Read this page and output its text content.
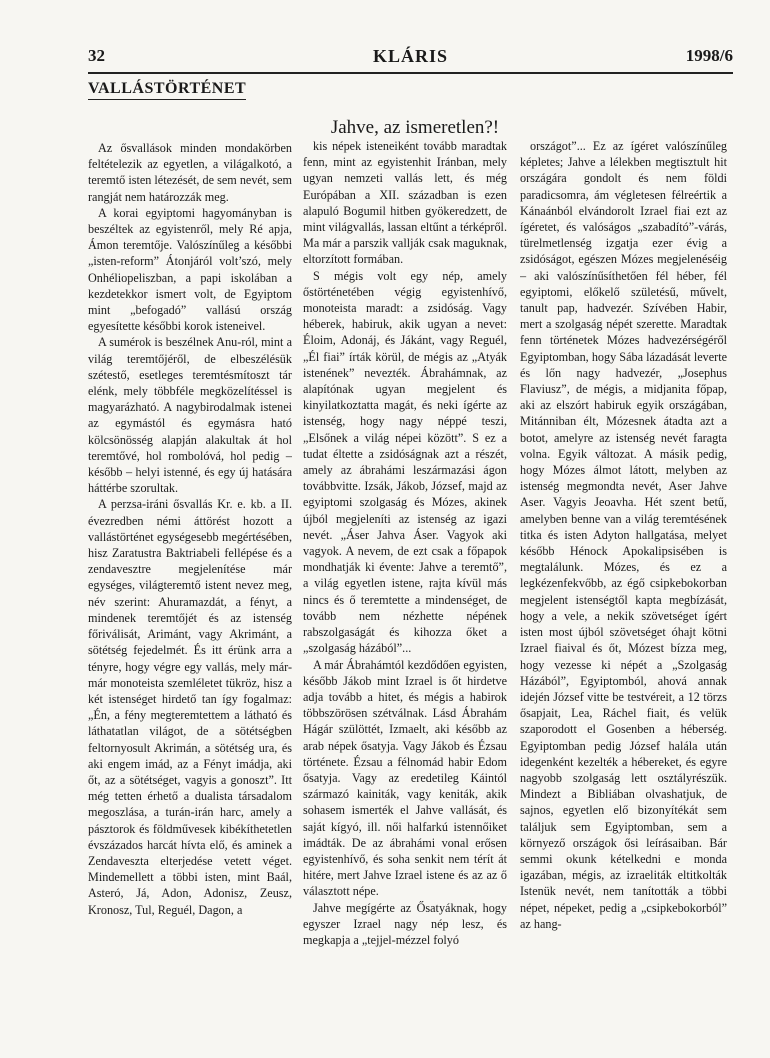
32	KLÁRIS	1998/6
VALLÁSTÖRTÉNET
Jahve, az ismeretlen?!

Az ősvallások minden mondakörben feltételezik az egyetlen, a világalkotó, a teremtő isten létezését, de sem nevét, sem rangját nem határozzák meg.

A korai egyiptomi hagyományban is beszéltek az egyistenről, mely Ré apja, Ámon teremtője. Valószínűleg a későbbi „isten-reform” Átonjáról volt’szó, mely Onhéliopeliszban, a papi iskolában a kezdetekkor ismert volt, de Egyiptom mint „befogadó” vallású ország egyesítette későbbi korok isteneivel.

A sumérok is beszélnek Anu-ról, mint a világ teremtőjéről, de elbeszélésük szétestő, esetleges teremtésmítoszt tár elénk, mely többféle megközelítéssel is magyarázható. A nagybirodalmak istenei az egymástól és egymásra ható kölcsönösség alapján alakultak át hol teremtővé, hol rombolóvá, hol pedig – később – helyi istenné, és egy új hatására háttérbe szorultak.

A perzsa-iráni ősvallás Kr. e. kb. a II. évezredben némi áttörést hozott a vallástörténet egységesebb megértésében, hisz Zaratustra Baktriabeli fellépése és a zendavesztre megjelenítése már egységes, világteremtő istent nevez meg, név szerint: Ahuramazdát, a fényt, a mindenek teremtőjét és az istenség főriválisát, Arimánt, vagy Akrimánt, a sötétség fejedelmét. És itt érünk arra a tényre, hogy végre egy vallás, mely már-már monoteista szemléletet tükröz, hisz a két istenséget hirdető tan így fogalmaz: „Én, a fény megteremtettem a látható és láthatatlan világot, de a sötétségben feltornyosult Akrimán, a sötétség ura, és aki engem imád, az a Fényt imádja, aki őt, az a sötétséget, vagyis a gonoszt”. Itt még tetten érhető a dualista társadalom megoszlása, a turán-irán harc, amely a pásztorok és földművesek kibékíthetetlen évszázados harcát hívta elő, és aminek a Zendaveszta elterjedése vetett véget. Mindemellett a többi isten, mint Baál, Asteró, Já, Adon, Adonisz, Zeusz, Kronosz, Tul, Reguél, Dagon, a

kis népek isteneiként tovább maradtak fenn, mint az egyistenhit Iránban, mely ugyan nemzeti vallás lett, és még Európában a XII. században is ezen alapuló Bogumil hitben gyökeredzett, de mint világvallás, lassan eltűnt a térképről. Ma már a parszik vallják csak maguknak, eltorzított formában.

S mégis volt egy nép, amely őstörténetében végig egyistenhívő, monoteista maradt: a zsidóság. Vagy héberek, habiruk, akik ugyan a nevet: Éloim, Adonáj, és Jákánt, vagy Reguél, „Él fiai” írták körül, de mégis az „Atyák istenének” nevezték. Ábrahámnak, az alapítónak ugyan megjelent és kinyilatkoztatta magát, és neki ígérte az istenség, hogy nagy néppé teszi, „Elsőnek a világ népei között”. S ez a tudat éltette a zsidóságnak azt a részét, amely az ábrahámi leszármazási ágon továbbvitte. Izsák, Jákob, József, majd az egyiptomi szolgaság és Mózes, akinek újból megjeleníti az istenség az igazi nevét. „Áser Jahva Áser. Vagyok aki vagyok. A nevem, de ezt csak a főpapok mondhatják ki évente: Jahve a teremtő”, a világ egyetlen istene, rajta kívül más nincs és ő teremtette a mindenséget, de tovább nem nézhette népének rabszolgaságát és kihozza őket a „szolgaság házából”...

A már Ábrahámtól kezdődően egyisten, később Jákob mint Izrael is őt hirdetve adja tovább a hitet, és mégis a habirok többszörösen szétválnak. Lásd Ábrahám Hágár szülöttét, Izmaelt, aki később az arab népek ősatyja. Vagy Jákob és Ézsau története. Ézsau a félnomád habir Edom ősatyja. Vagy az eredetileg Káintól származó kainiták, vagy keniták, akik sohasem ismerték el Jahve vallását, és saját kígyó, ill. női halfarkú istennőiket imádták. De az ábrahámi vonal erősen egyistenhívő, és soha senkit nem térít át hitére, mert Jahve Izrael istene és az az ő választott népe.

Jahve megígérte az Ősatyáknak, hogy egyszer Izrael nagy nép lesz, és megkapja a „tejjel-mézzel folyó

országot”... Ez az ígéret valószínűleg képletes; Jahve a lélekben megtisztult hit országára gondolt és nem földi paradicsomra, ám végletesen félreértik a Kánaánból elvándorolt Izrael fiai ezt az ígéretet, és valóságos „szabadító”-várás, türelmetlenség izgatja ezer évig a zsidóságot, egészen Mózes megjelenéséig – aki valószínűsíthetően fél héber, fél egyiptomi, előkelő születésű, művelt, tanult pap, hadvezér. Szívében Habir, mert a szolgaság népét szerette. Maradtak fenn történetek Mózes hadvezérségéről Egyiptomban, hogy Sába lázadását leverte és lőn nagy hadvezér, „Josephus Flaviusz”, de mégis, a midjanita főpap, aki az elszórt habiruk egyik országában, Mitánniban élt, Mózesnek átadta azt a botot, amelyre az istenség nevét faragta volna. Egyik változat. A másik pedig, hogy Mózes álmot látott, melyben az istenség megmondta nevét, Aser Jahve Aser. Vagyis Jeoavha. Hét szent betű, amelyben benne van a világ teremtésének titka és isten Adyton hallgatása, melyet később Hénock Apokalipsisében is megtalálunk. Mózes, és ez a legkézenfekvőbb, az égő csipkebokorban megjelent istenségtől kapta megbízását, hogy a vele, a nekik szövetséget ígért isten most újból szövetséget óhajt kötni Izrael fiaival és őt, Mózest bízza meg, hogy vezesse ki népét a „Szolgaság Házából”, Egyiptomból, ahová annak idején József vitte be testvéreit, a 12 törzs ősapjait, Lea, Ráchel fiait, és velük szaporodott el Gosenben a héberség. Egyiptomban pedig József halála után idegenként kezelték a hébereket, és egyre nagyobb szolgaság lett osztályrészük. Mindezt a Bibliában olvashatjuk, de sajnos, egyetlen elő bizonyítékát sem találjuk sem Egyiptomban, sem a környező országok ősi leírásaiban. Bár semmi okunk kételkedni e monda igazában, mégis, az izraeliták eltitkolták Istenük nevét, nem tanították a többi népet, népeket, pedig a „csipkebokorból” az hang-
